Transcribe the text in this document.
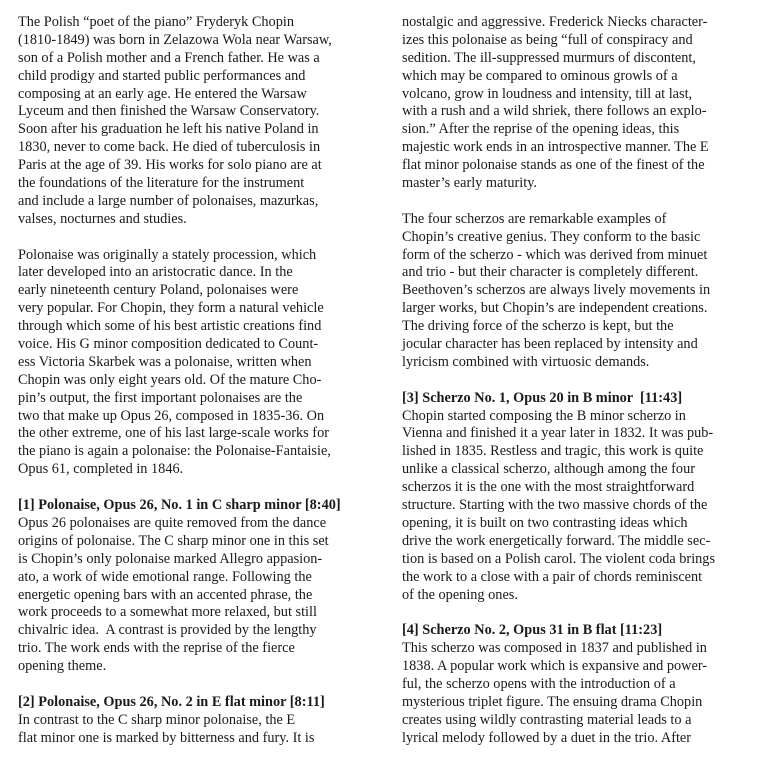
The Polish “poet of the piano” Fryderyk Chopin
(1810-1849) was born in Zelazowa Wola near Warsaw,
son of a Polish mother and a French father. He was a
child prodigy and started public performances and
composing at an early age. He entered the Warsaw
Lyceum and then finished the Warsaw Conservatory.
Soon after his graduation he left his native Poland in
1830, never to come back. He died of tuberculosis in
Paris at the age of 39. His works for solo piano are at
the foundations of the literature for the instrument
and include a large number of polonaises, mazurkas,
valses, nocturnes and studies.
Polonaise was originally a stately procession, which
later developed into an aristocratic dance. In the
early nineteenth century Poland, polonaises were
very popular. For Chopin, they form a natural vehicle
through which some of his best artistic creations find
voice. His G minor composition dedicated to Count-
ess Victoria Skarbek was a polonaise, written when
Chopin was only eight years old. Of the mature Cho-
pin’s output, the first important polonaises are the
two that make up Opus 26, composed in 1835-36. On
the other extreme, one of his last large-scale works for
the piano is again a polonaise: the Polonaise-Fantaisie,
Opus 61, completed in 1846.
[1] Polonaise, Opus 26, No. 1 in C sharp minor [8:40]
Opus 26 polonaises are quite removed from the dance
origins of polonaise. The C sharp minor one in this set
is Chopin’s only polonaise marked Allegro appasion-
ato, a work of wide emotional range. Following the
energetic opening bars with an accented phrase, the
work proceeds to a somewhat more relaxed, but still
chivalric idea.  A contrast is provided by the lengthy
trio. The work ends with the reprise of the fierce
opening theme.
[2] Polonaise, Opus 26, No. 2 in E flat minor [8:11]
In contrast to the C sharp minor polonaise, the E
flat minor one is marked by bitterness and fury. It is
nostalgic and aggressive. Frederick Niecks character-
izes this polonaise as being “full of conspiracy and
sedition. The ill-suppressed murmurs of discontent,
which may be compared to ominous growls of a
volcano, grow in loudness and intensity, till at last,
with a rush and a wild shriek, there follows an explo-
sion.” After the reprise of the opening ideas, this
majestic work ends in an introspective manner. The E
flat minor polonaise stands as one of the finest of the
master’s early maturity.
The four scherzos are remarkable examples of
Chopin’s creative genius. They conform to the basic
form of the scherzo - which was derived from minuet
and trio - but their character is completely different.
Beethoven’s scherzos are always lively movements in
larger works, but Chopin’s are independent creations.
The driving force of the scherzo is kept, but the
jocular character has been replaced by intensity and
lyricism combined with virtuosic demands.
[3] Scherzo No. 1, Opus 20 in B minor  [11:43]
Chopin started composing the B minor scherzo in
Vienna and finished it a year later in 1832. It was pub-
lished in 1835. Restless and tragic, this work is quite
unlike a classical scherzo, although among the four
scherzos it is the one with the most straightforward
structure. Starting with the two massive chords of the
opening, it is built on two contrasting ideas which
drive the work energetically forward. The middle sec-
tion is based on a Polish carol. The violent coda brings
the work to a close with a pair of chords reminiscent
of the opening ones.
[4] Scherzo No. 2, Opus 31 in B flat [11:23]
This scherzo was composed in 1837 and published in
1838. A popular work which is expansive and power-
ful, the scherzo opens with the introduction of a
mysterious triplet figure. The ensuing drama Chopin
creates using wildly contrasting material leads to a
lyrical melody followed by a duet in the trio. After
